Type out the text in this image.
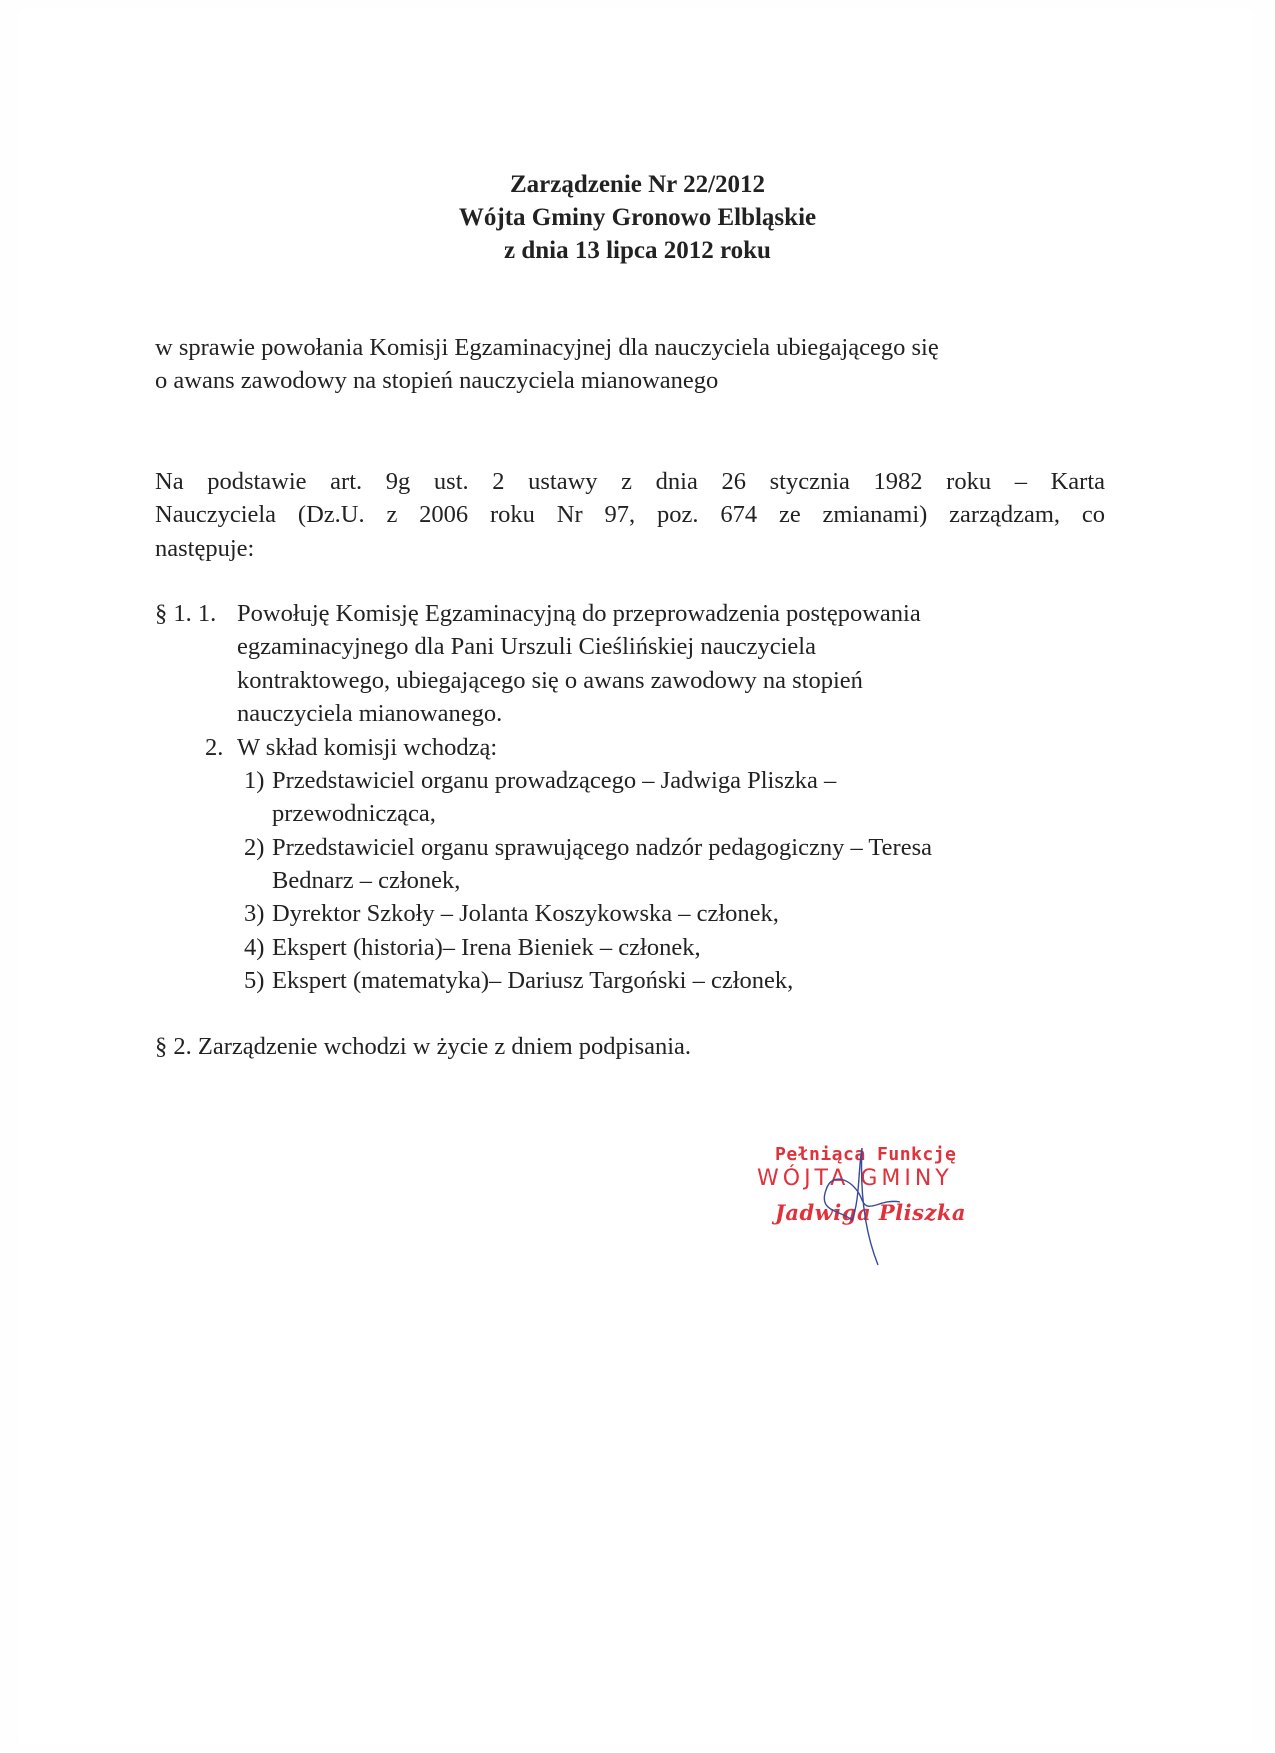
Zarządzenie Nr 22/2012
Wójta Gminy Gronowo Elbląskie
z dnia 13 lipca 2012 roku
w sprawie powołania Komisji Egzaminacyjnej dla nauczyciela ubiegającego się
o awans zawodowy na stopień nauczyciela mianowanego
Na podstawie art. 9g ust. 2 ustawy z dnia 26 stycznia 1982 roku – Karta
Nauczyciela (Dz.U. z 2006 roku Nr 97, poz. 674 ze zmianami) zarządzam, co
następuje:
§ 1. 1. Powołuję Komisję Egzaminacyjną do przeprowadzenia postępowania
egzaminacyjnego dla Pani Urszuli Cieślińskiej nauczyciela
kontraktowego, ubiegającego się o awans zawodowy na stopień
nauczyciela mianowanego.
2. W skład komisji wchodzą:
1) Przedstawiciel organu prowadzącego – Jadwiga Pliszka –
przewodnicząca,
2) Przedstawiciel organu sprawującego nadzór pedagogiczny – Teresa
Bednarz – członek,
3) Dyrektor Szkoły – Jolanta Koszykowska – członek,
4) Ekspert (historia)– Irena Bieniek – członek,
5) Ekspert (matematyka)– Dariusz Targoński – członek,
§ 2. Zarządzenie wchodzi w życie z dniem podpisania.
Pełniąca Funkcję
WÓJTA GMINY
Jadwiga Pliszka
